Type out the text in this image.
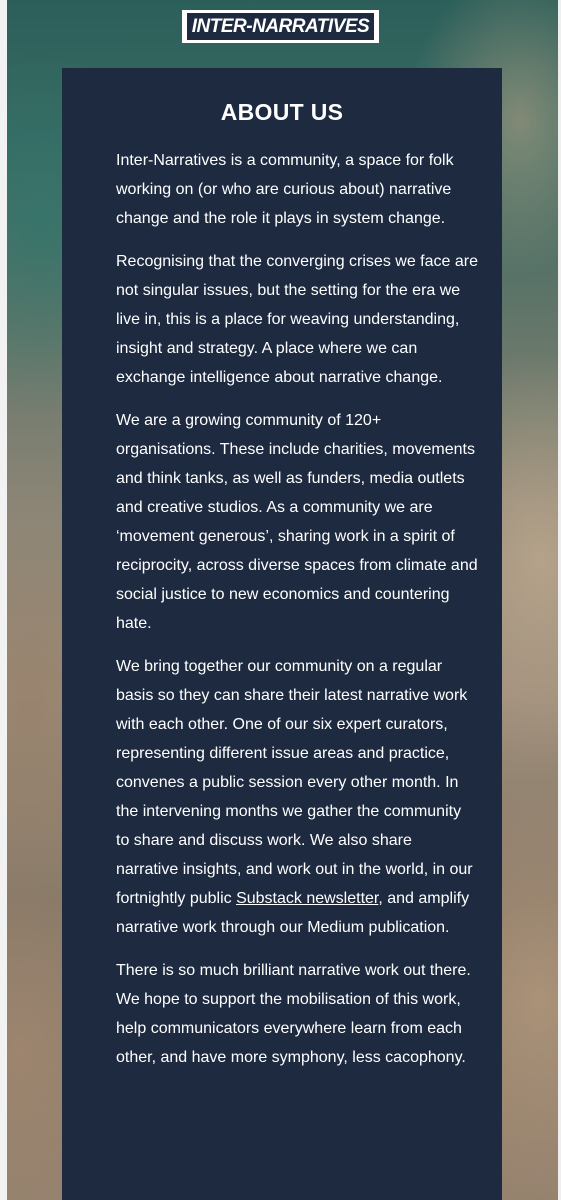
INTER-NARRATIVES
ABOUT US

Inter-Narratives is a community, a space for folk working on (or who are curious about) narrative change and the role it plays in system change.

Recognising that the converging crises we face are not singular issues, but the setting for the era we live in, this is a place for weaving understanding, insight and strategy. A place where we can exchange intelligence about narrative change.

We are a growing community of 120+ organisations. These include charities, movements and think tanks, as well as funders, media outlets and creative studios. As a community we are ‘movement generous’, sharing work in a spirit of reciprocity, across diverse spaces from climate and social justice to new economics and countering hate.

We bring together our community on a regular basis so they can share their latest narrative work with each other. One of our six expert curators, representing different issue areas and practice, convenes a public session every other month. In the intervening months we gather the community to share and discuss work. We also share narrative insights, and work out in the world, in our fortnightly public Substack newsletter, and amplify narrative work through our Medium publication.

There is so much brilliant narrative work out there. We hope to support the mobilisation of this work, help communicators everywhere learn from each other, and have more symphony, less cacophony.
